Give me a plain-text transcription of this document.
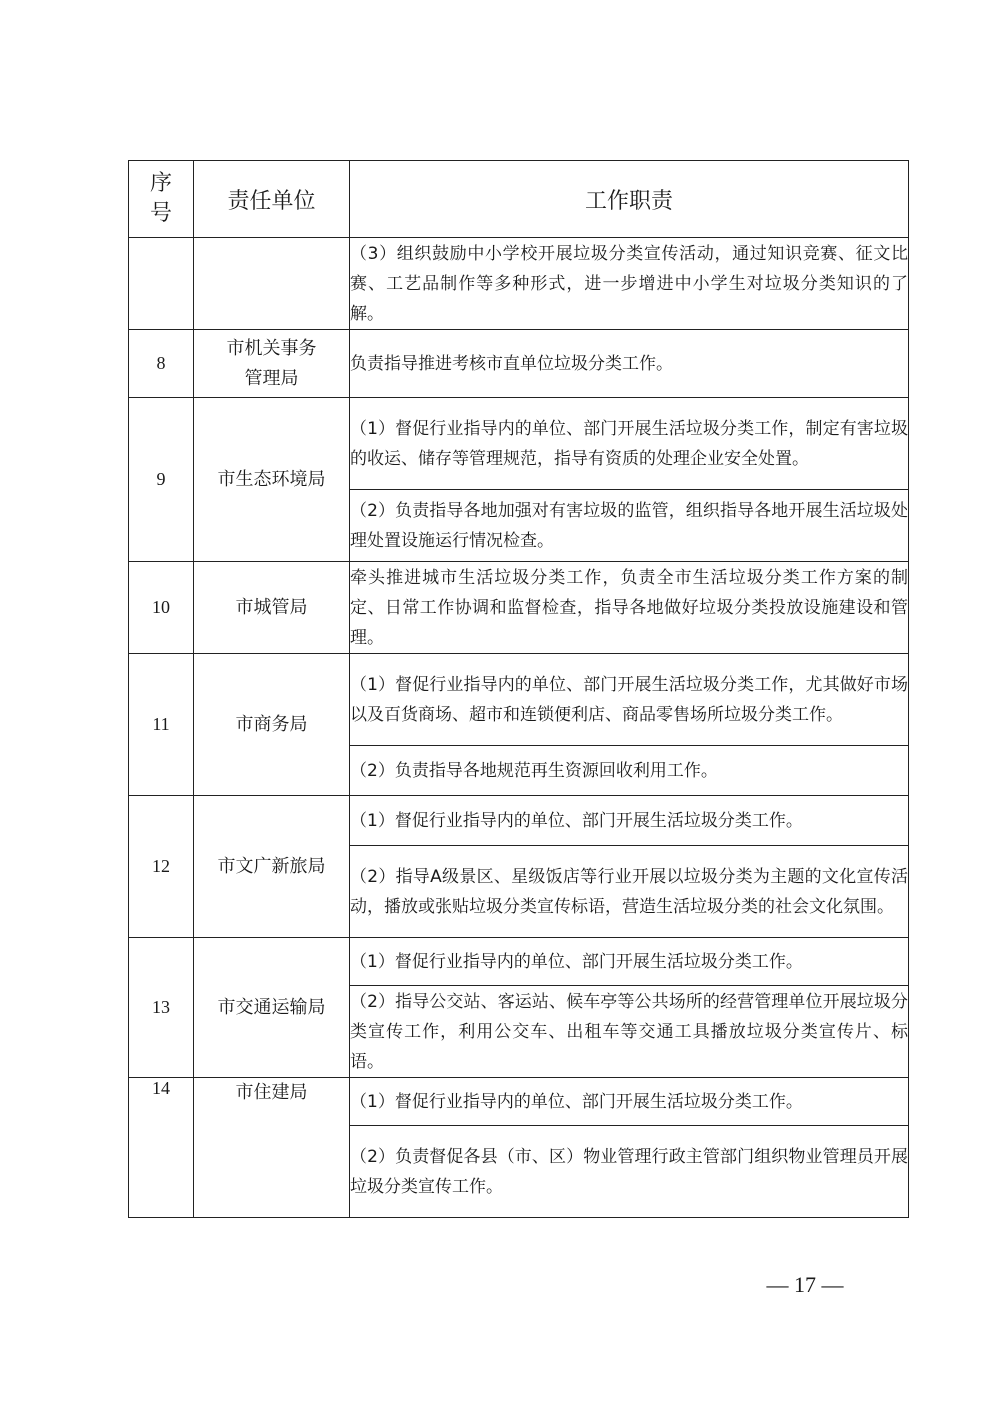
序号	责任单位	工作职责
		（3）组织鼓励中小学校开展垃圾分类宣传活动，通过知识竞赛、征文比赛、工艺品制作等多种形式，进一步增进中小学生对垃圾分类知识的了解。
8	市机关事务管理局	负责指导推进考核市直单位垃圾分类工作。
9	市生态环境局	（1）督促行业指导内的单位、部门开展生活垃圾分类工作，制定有害垃圾的收运、储存等管理规范，指导有资质的处理企业安全处置。
		（2）负责指导各地加强对有害垃圾的监管，组织指导各地开展生活垃圾处理处置设施运行情况检查。
10	市城管局	牵头推进城市生活垃圾分类工作，负责全市生活垃圾分类工作方案的制定、日常工作协调和监督检查，指导各地做好垃圾分类投放设施建设和管理。
11	市商务局	（1）督促行业指导内的单位、部门开展生活垃圾分类工作，尤其做好市场以及百货商场、超市和连锁便利店、商品零售场所垃圾分类工作。
		（2）负责指导各地规范再生资源回收利用工作。
12	市文广新旅局	（1）督促行业指导内的单位、部门开展生活垃圾分类工作。
		（2）指导A级景区、星级饭店等行业开展以垃圾分类为主题的文化宣传活动，播放或张贴垃圾分类宣传标语，营造生活垃圾分类的社会文化氛围。
13	市交通运输局	（1）督促行业指导内的单位、部门开展生活垃圾分类工作。
		（2）指导公交站、客运站、候车亭等公共场所的经营管理单位开展垃圾分类宣传工作，利用公交车、出租车等交通工具播放垃圾分类宣传片、标语。
14	市住建局	（1）督促行业指导内的单位、部门开展生活垃圾分类工作。
		（2）负责督促各县（市、区）物业管理行政主管部门组织物业管理员开展垃圾分类宣传工作。
— 17 —
